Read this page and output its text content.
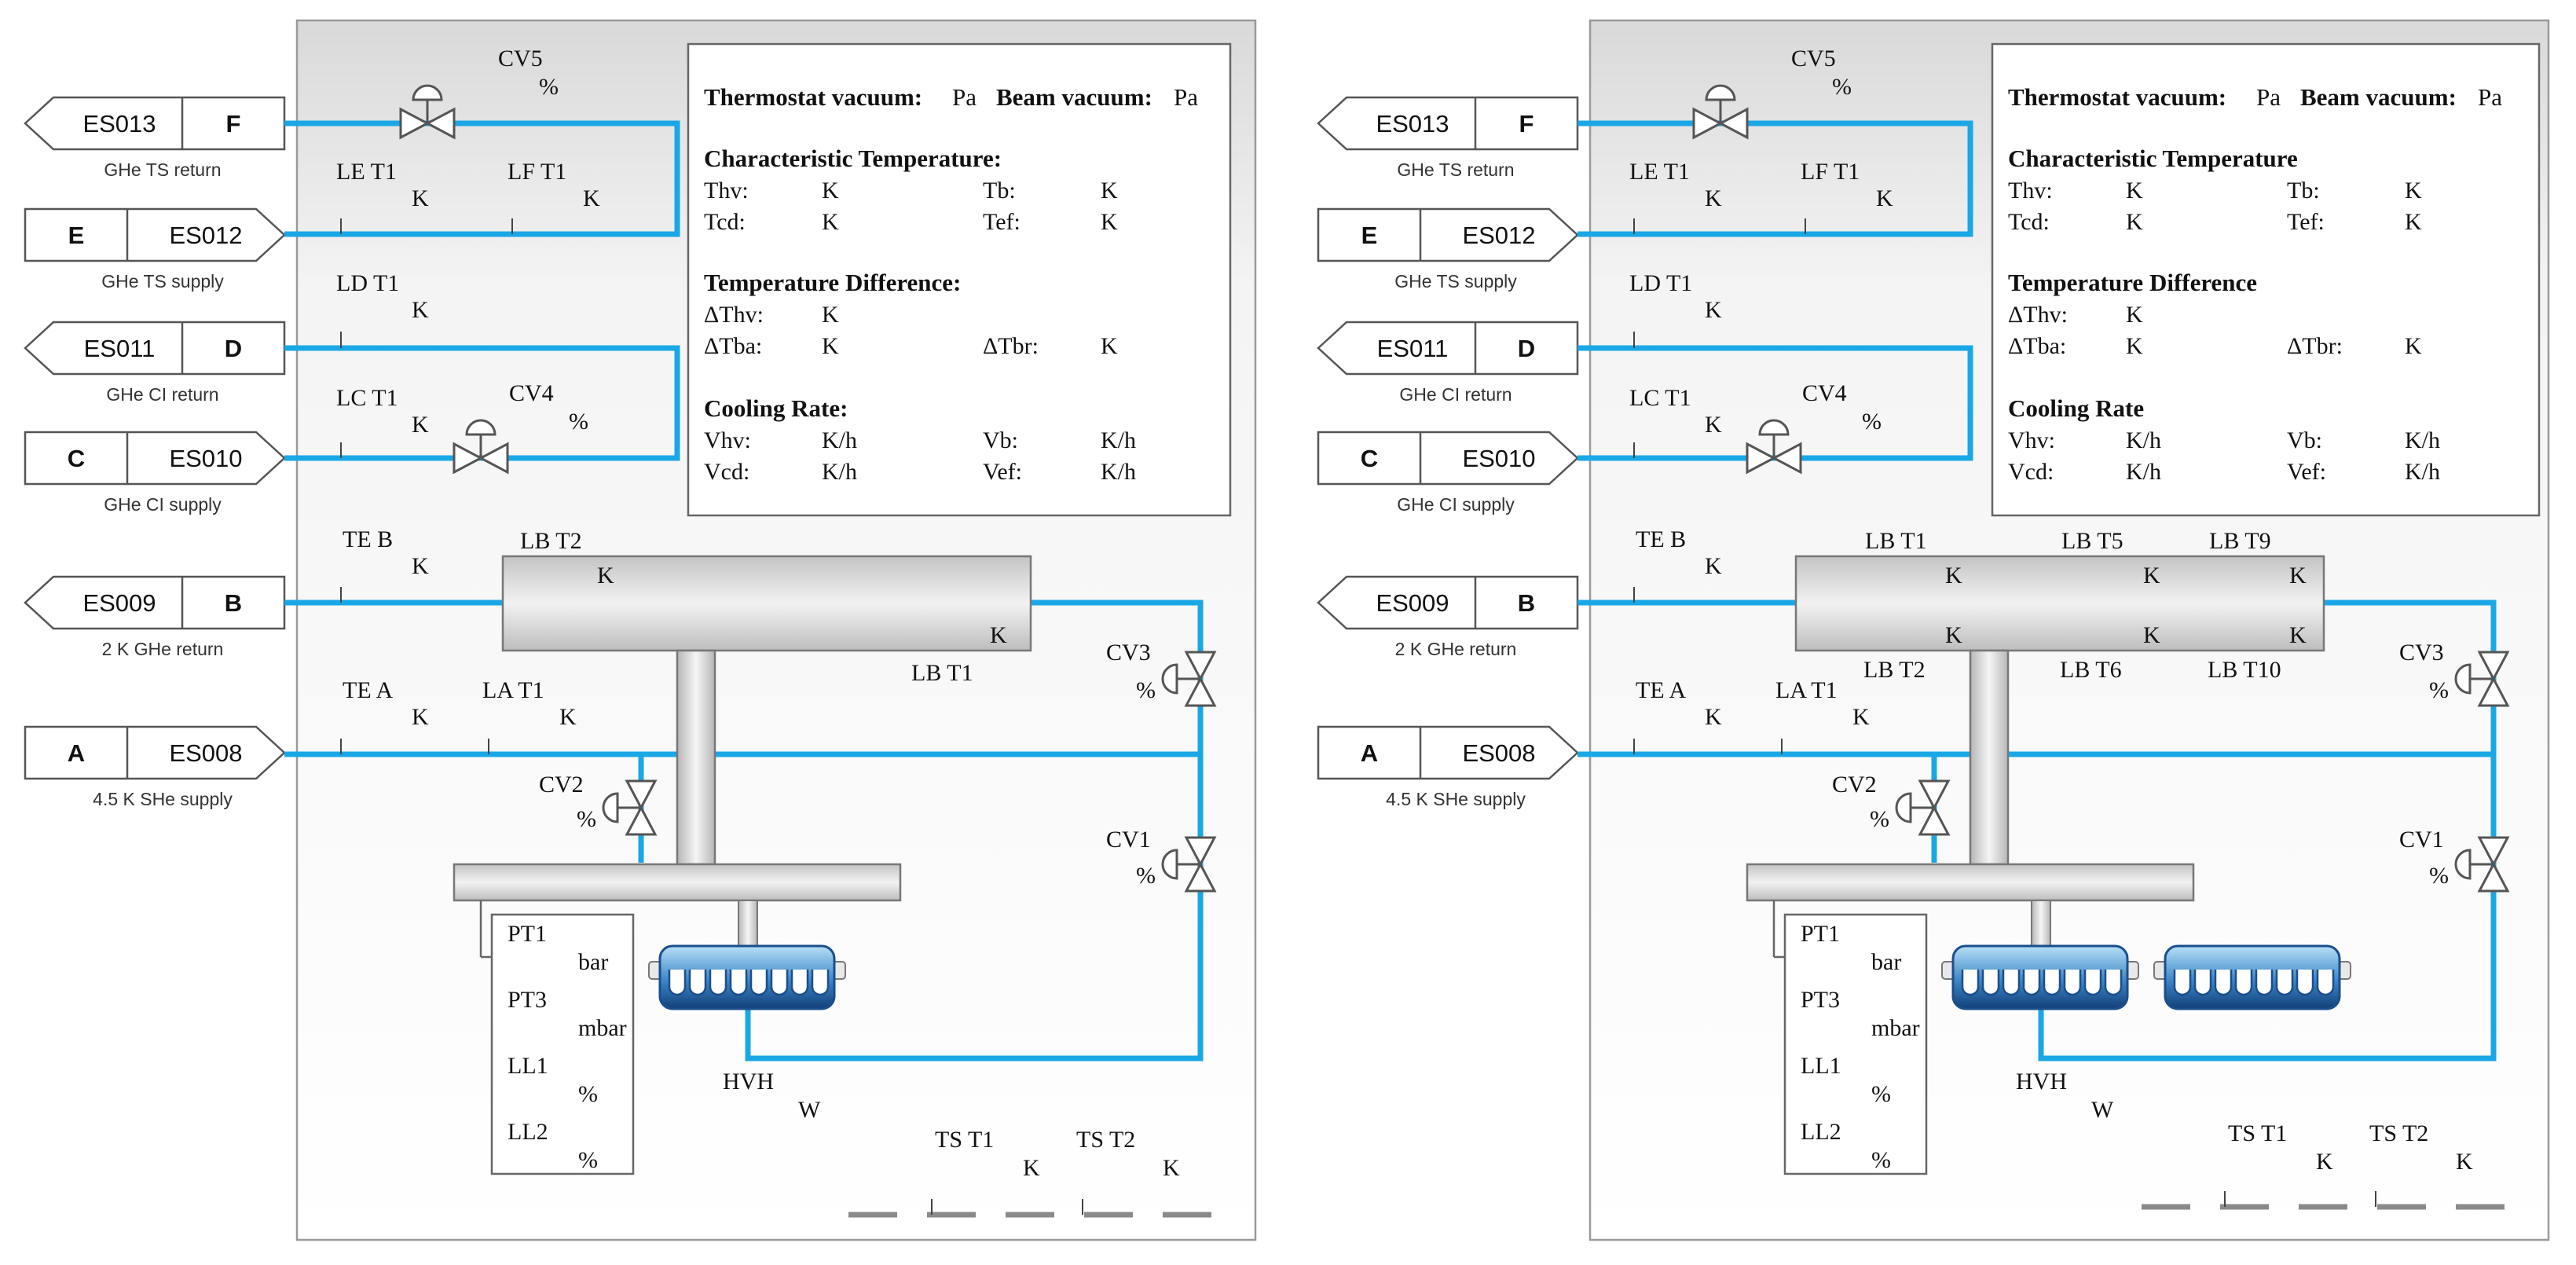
Thermostat vacuum: Pa Beam vacuum: Pa
Characteristic Temperature:
Thv:	K	Tb:	K
Tcd:	K	Tef:	K
Temperature Difference:
ΔThv: K
ΔTba:	K	ΔTbr:	K
Cooling Rate:
Vhv:	K/h	Vb:	K/h
Vcd:	K/h	Vef:	K/h
ES013	F
GHe TS return
ES012
E
GHe TS supply
ES011	D
GHe CI return
ES010
C
GHe CI supply
ES009	B
2 K GHe return
ES008
A
4.5 K SHe supply
CV5
%
CV4
%
CV3
%
CV2
%
CV1
%
LE T1
K
LF T1
K
LD T1
K
LC T1
K
TE B
K
TE A
K
LA T1
K
HVH
W
LB T2
K
K
LB T1
PT1
bar
PT3
mbar
LL1
%
LL2
%
TS T1
K
TS T2
K
Thermostat vacuum: Pa Beam vacuum: Pa
Characteristic Temperature
Thv:	K	Tb:	K
Tcd:	K	Tef:	K
Temperature Difference
ΔThv: K
ΔTba:	K	ΔTbr:	K
Cooling Rate
Vhv:	K/h	Vb:	K/h
Vcd:	K/h	Vef:	K/h
ES013	F
GHe TS return
ES012
E
GHe TS supply
ES011	D
GHe CI return
ES010
C
GHe CI supply
ES009	B
2 K GHe return
ES008
A
4.5 K SHe supply
CV5
%
CV4
%
CV3
%
CV2
%
CV1
%
LE T1
K
LF T1
K
LD T1
K
LC T1
K
TE B
K
TE A
K
LA T1
K
HVH
W
LB T1
K
LB T5
K
LB T9
K
K
LB T2
K
LB T6
K
LB T10
PT1
bar
PT3
mbar
LL1
%
LL2
%
TS T1
K
TS T2
K
